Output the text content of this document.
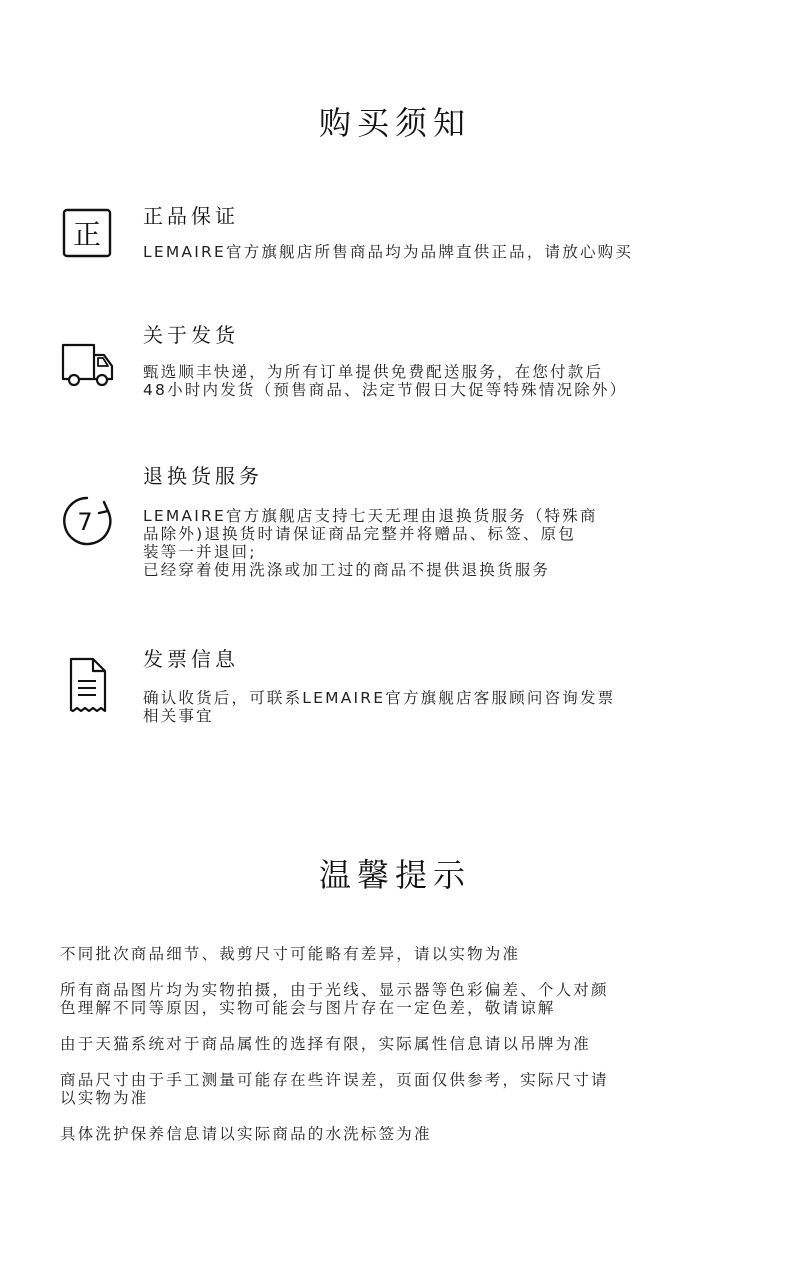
购买须知
正
正品保证

LEMAIRE官方旗舰店所售商品均为品牌直供正品，请放心购买

关于发货

甄选顺丰快递，为所有订单提供免费配送服务，在您付款后
48小时内发货（预售商品、法定节假日大促等特殊情况除外）

7
退换货服务

LEMAIRE官方旗舰店支持七天无理由退换货服务（特殊商
品除外)退换货时请保证商品完整并将赠品、标签、原包
装等一并退回;
已经穿着使用洗涤或加工过的商品不提供退换货服务

发票信息

确认收货后，可联系LEMAIRE官方旗舰店客服顾问咨询发票
相关事宜

温馨提示

不同批次商品细节、裁剪尺寸可能略有差异，请以实物为准

所有商品图片均为实物拍摄，由于光线、显示器等色彩偏差、个人对颜
色理解不同等原因，实物可能会与图片存在一定色差，敬请谅解

由于天猫系统对于商品属性的选择有限，实际属性信息请以吊牌为准

商品尺寸由于手工测量可能存在些许误差，页面仅供参考，实际尺寸请
以实物为准

具体洗护保养信息请以实际商品的水洗标签为准
